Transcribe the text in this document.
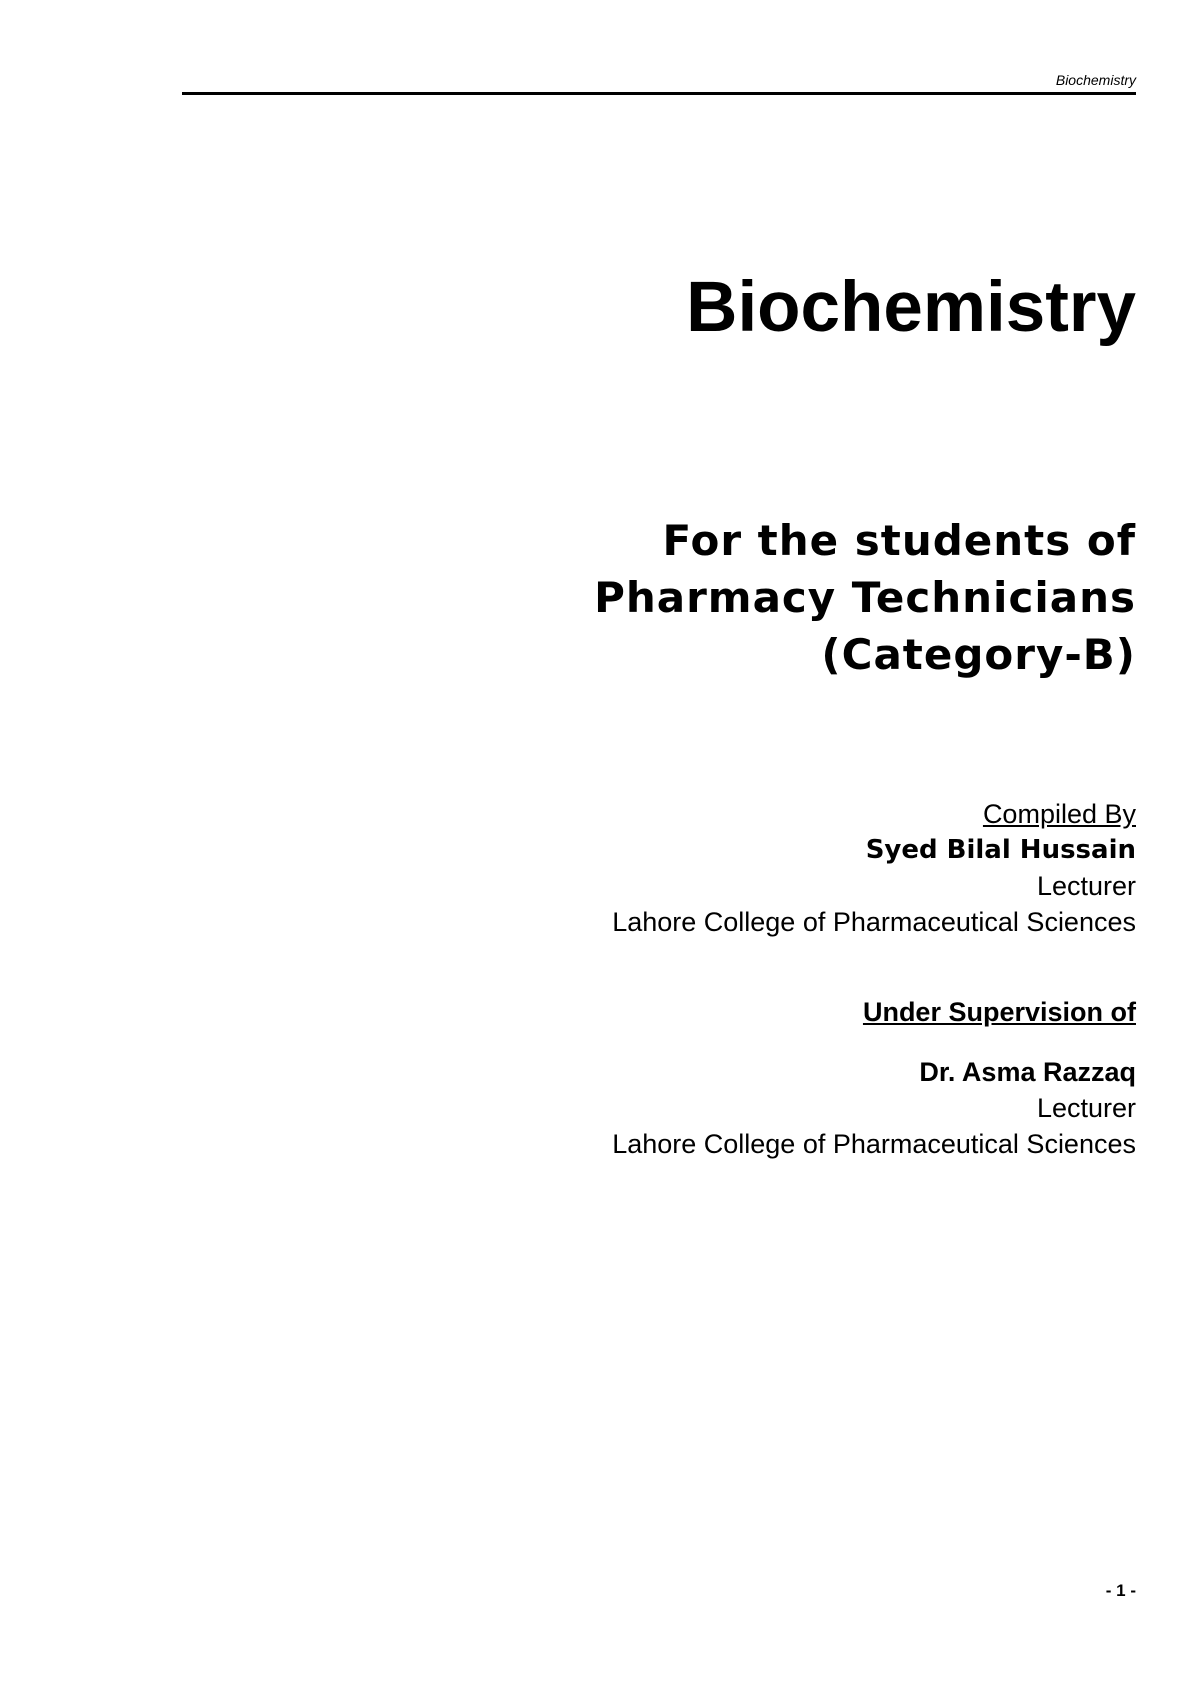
Biochemistry
Biochemistry
For the students of
Pharmacy Technicians
(Category-B)
Compiled By
Syed Bilal Hussain
Lecturer
Lahore College of Pharmaceutical Sciences
Under Supervision of
Dr. Asma Razzaq
Lecturer
Lahore College of Pharmaceutical Sciences
- 1 -
